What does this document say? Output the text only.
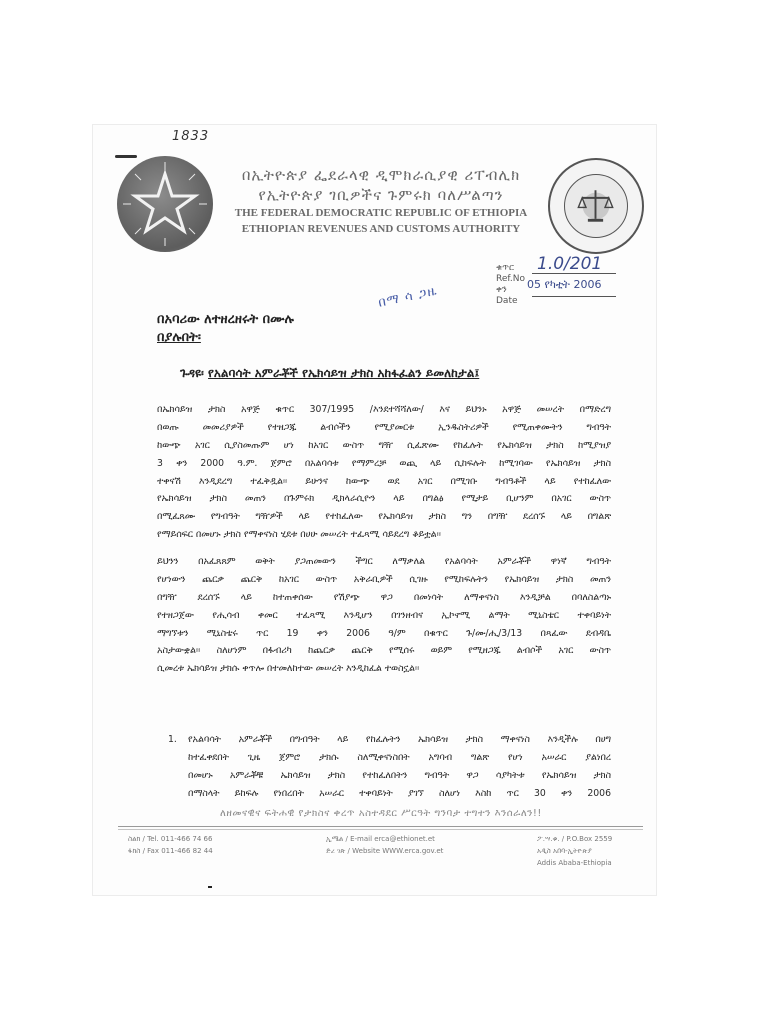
1833
በኢትዮጵያ ፌደራላዊ ዲሞክራሲያዊ ሪፐብሊክ
የኢትዮጵያ ገቢዎችና ጉምሩክ ባለሥልጣን
THE FEDERAL DEMOCRATIC REPUBLIC OF ETHIOPIA
ETHIOPIAN REVENUES AND CUSTOMS AUTHORITY
ቁጥር
Ref.No
ቀን
Date
1.0/201
05 የካቲት 2006
በማ ሳ ጋዜ
በአባሪው ለተዘረዘሩት በሙሉ
በያሉበት፡
ጉዳዩ፡ የአልባሳት አምራቾች የኤክሳይዝ ታክስ አከፋፈልን ይመለከታል፤
በኤክሳይዝ ታክስ አዋጅ ቁጥር 307/1995 /እንደተሻሻለው/ እና ይህንኑ አዋጅ መሠረት በማድረግ
በወጡ መመሪያዎች የተዘጋጁ ልብሶችን የሚያመርቱ ኢንዱስትሪዎች የሚጠቀሙትን ግብዓት
ከውጭ አገር ሲያስመጡም ሆነ ከአገር ውስጥ ግዥ ሲፈጽሙ የከፈሉት የኤክሳይዝ ታክስ ከሚያዝያ
3 ቀን 2000 ዓ.ም. ጀምሮ በአልባሳቱ የማምረቻ ወጪ ላይ ሲከፍሉት ከሚገባው የኤክሳይዝ ታክስ
ተቀናሽ እንዲደረግ ተፈቅዷል፡፡ ይሁንና ከውጭ ወደ አገር በሚገቡ ግብዓቶች ላይ የተከፈለው
የኤክሳይዝ ታክስ መጠን በጉምሩክ ዲክላራሲዮን ላይ በግልፅ የሚታይ ቢሆንም በአገር ውስጥ
በሚፈጸሙ የግብዓት ግዥዎች ላይ የተከፈለው የኤክሳይዝ ታክስ ግን በግዥ ደረሰኙ ላይ በግልጽ
የማይሰፍር በመሆኑ ታክስ የማቀናነስ ሂደቱ በሀሁ መሠረት ተፈጻሚ ሳይደረግ ቆይቷል፡፡
ይህንን በአፈጸጸም ወቅት ያጋጠመውን ችግር ለማቃለል የአልባሳት አምራቾች ዋነኛ ግብዓት
የሆነውን ጨርቃ ጨርቅ ከአገር ውስጥ አቅራቢዎች ሲገዙ የሚከፍሉትን የኤክሳይዝ ታክስ መጠን
በግዥ ደረሰኙ ላይ ከተጠቀሰው የሽያጭ ዋጋ በመነሳት ለማቀናነስ እንዲቻል በባለስልጣኑ
የተዘጋጀው የሒሳብ ቀመር ተፈጻሚ እንዲሆን በገንዘብና ኢኮኖሚ ልማት ሚኒስቴር ተቀባይነት
ማግኘቱን ሚኒስቴሩ ጥር 19 ቀን 2006 ዓ/ም በቁጥር ጉ/ሙ/ሒ/3/13 በጻፈው ደብዳቤ
አስታውቋል፡፡ ስለሆነም በፋብሪካ ከጨርቃ ጨርቅ የሚሰሩ ወይም የሚዘጋጁ ልብሶች አገር ውስጥ
ሲመረቱ ኤክሳይዝ ታክሱ ቀጥሎ በተመለከተው መሠረት እንዲከፈል ተወስኗል፡፡
1. የአልባሳት አምራቾች በግብዓት ላይ የከፈሉትን ኤክሳይዝ ታክስ ማቀናነስ እንዲችሉ በሀግ
ከተፈቀደበት ጊዜ ጀምሮ ታክሱ ስለሚቀናነስበት አግባብ ግልጽ የሆነ አሠራር ያልነበረ
በመሆኑ አምራቾቹ ኤክሳይዝ ታክስ የተከፈለበትን ግብዓት ዋጋ ሳያካትቱ የኤክሳይዝ ታክስ
በማስላት ይከፍሉ የነበረበት አሠራር ተቀባይነት ያገኘ ስለሆነ እስከ ጥር 30 ቀን 2006
ለዘመናዊና ፍትሐዊ የታክስና ቀረጥ አስተዳደር ሥርዓት ግንባታ ተግተን እንሰራለን!!
ስልክ / Tel. 011-466 74 66
ፋክስ / Fax 011-466 82 44
ኢሜል / E-mail erca@ethionet.et
ድረ ገጽ / Website WWW.erca.gov.et
ፖ.ሣ.ቁ. / P.O.Box 2559
አዲስ አበባ-ኢትዮጵያ
Addis Ababa-Ethiopia
